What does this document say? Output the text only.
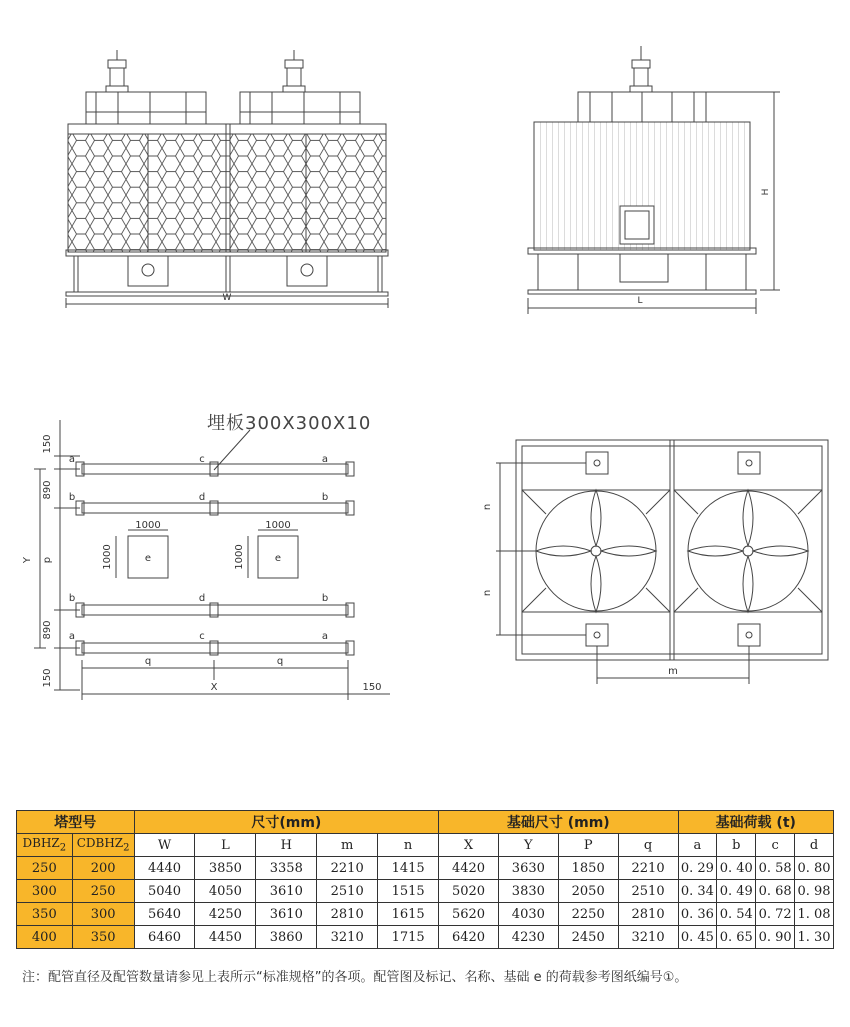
W
H
L
150
890
Y p
890
150
1000	1000
1000	1000
e	e
a	c	a
b	d	b
b	d	b
a	c	a
q	q
X	150
n
n
m
埋板300X300X10
塔型号		尺寸(mm)					基础尺寸 (mm)				基础荷载 (t)			
$DBHZ_2$	$CDBHZ_2$	W	L	H	m	n	X	Y	P	q	a	b	c	d
250	200	4440	3850	3358	2210	1415	4420	3630	1850	2210	0. 29	0. 40	0. 58	0. 80
300	250	5040	4050	3610	2510	1515	5020	3830	2050	2510	0. 34	0. 49	0. 68	0. 98
350	300	5640	4250	3610	2810	1615	5620	4030	2250	2810	0. 36	0. 54	0. 72	1. 08
400	350	6460	4450	3860	3210	1715	6420	4230	2450	3210	0. 45	0. 65	0. 90	1. 30
注：配管直径及配管数量请参见上表所示“标准规格”的各项。配管图及标记、名称、基础 e 的荷载参考图纸编号①。
